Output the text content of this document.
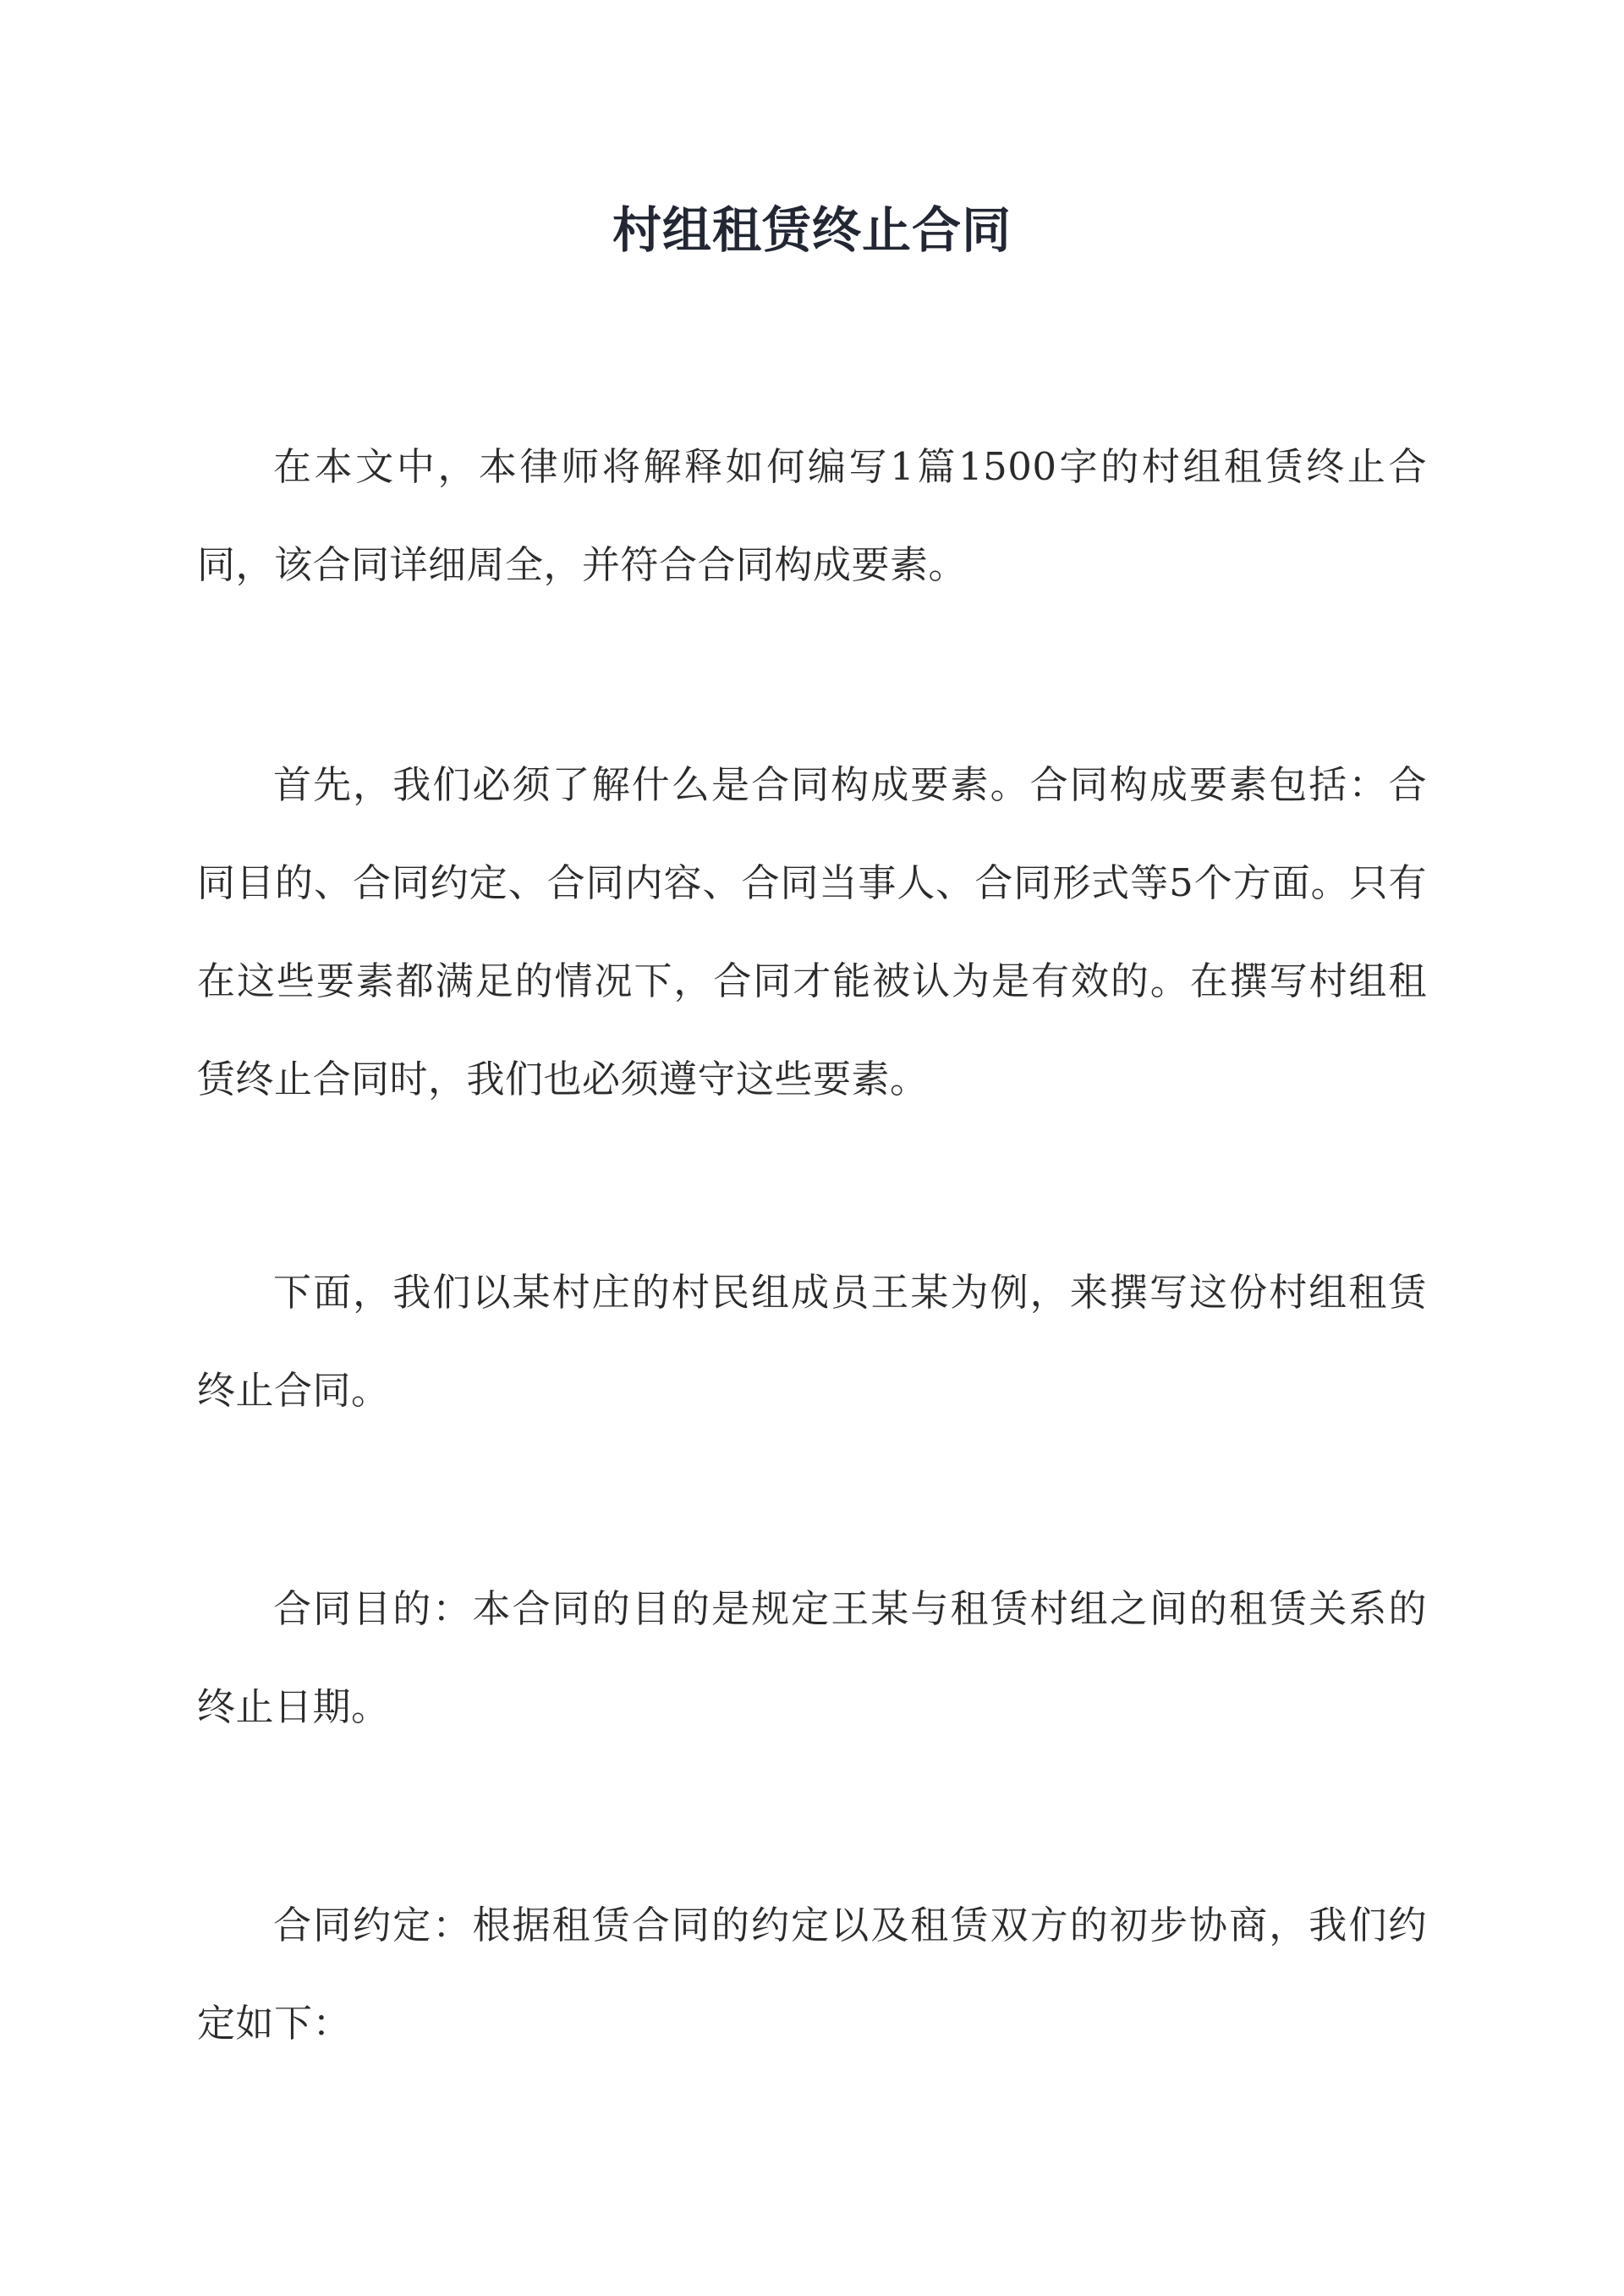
村组租赁终止合同

在本文中，本律师将解释如何编写1篇1500字的村组租赁终止合同，该合同详细周全，并符合合同构成要素。

首先，我们必须了解什么是合同构成要素。合同构成要素包括：合同目的、合同约定、合同内容、合同当事人、合同形式等5个方面。只有在这些要素都满足的情况下，合同才能被认为是有效的。在撰写村组租赁终止合同时，我们也必须遵守这些要素。

下面，我们以某村庄的村民组成员王某为例，来撰写这份村组租赁终止合同。

合同目的：本合同的目的是规定王某与租赁村组之间的租赁关系的终止日期。

合同约定：根据租赁合同的约定以及租赁双方的初步协商，我们约定如下：
